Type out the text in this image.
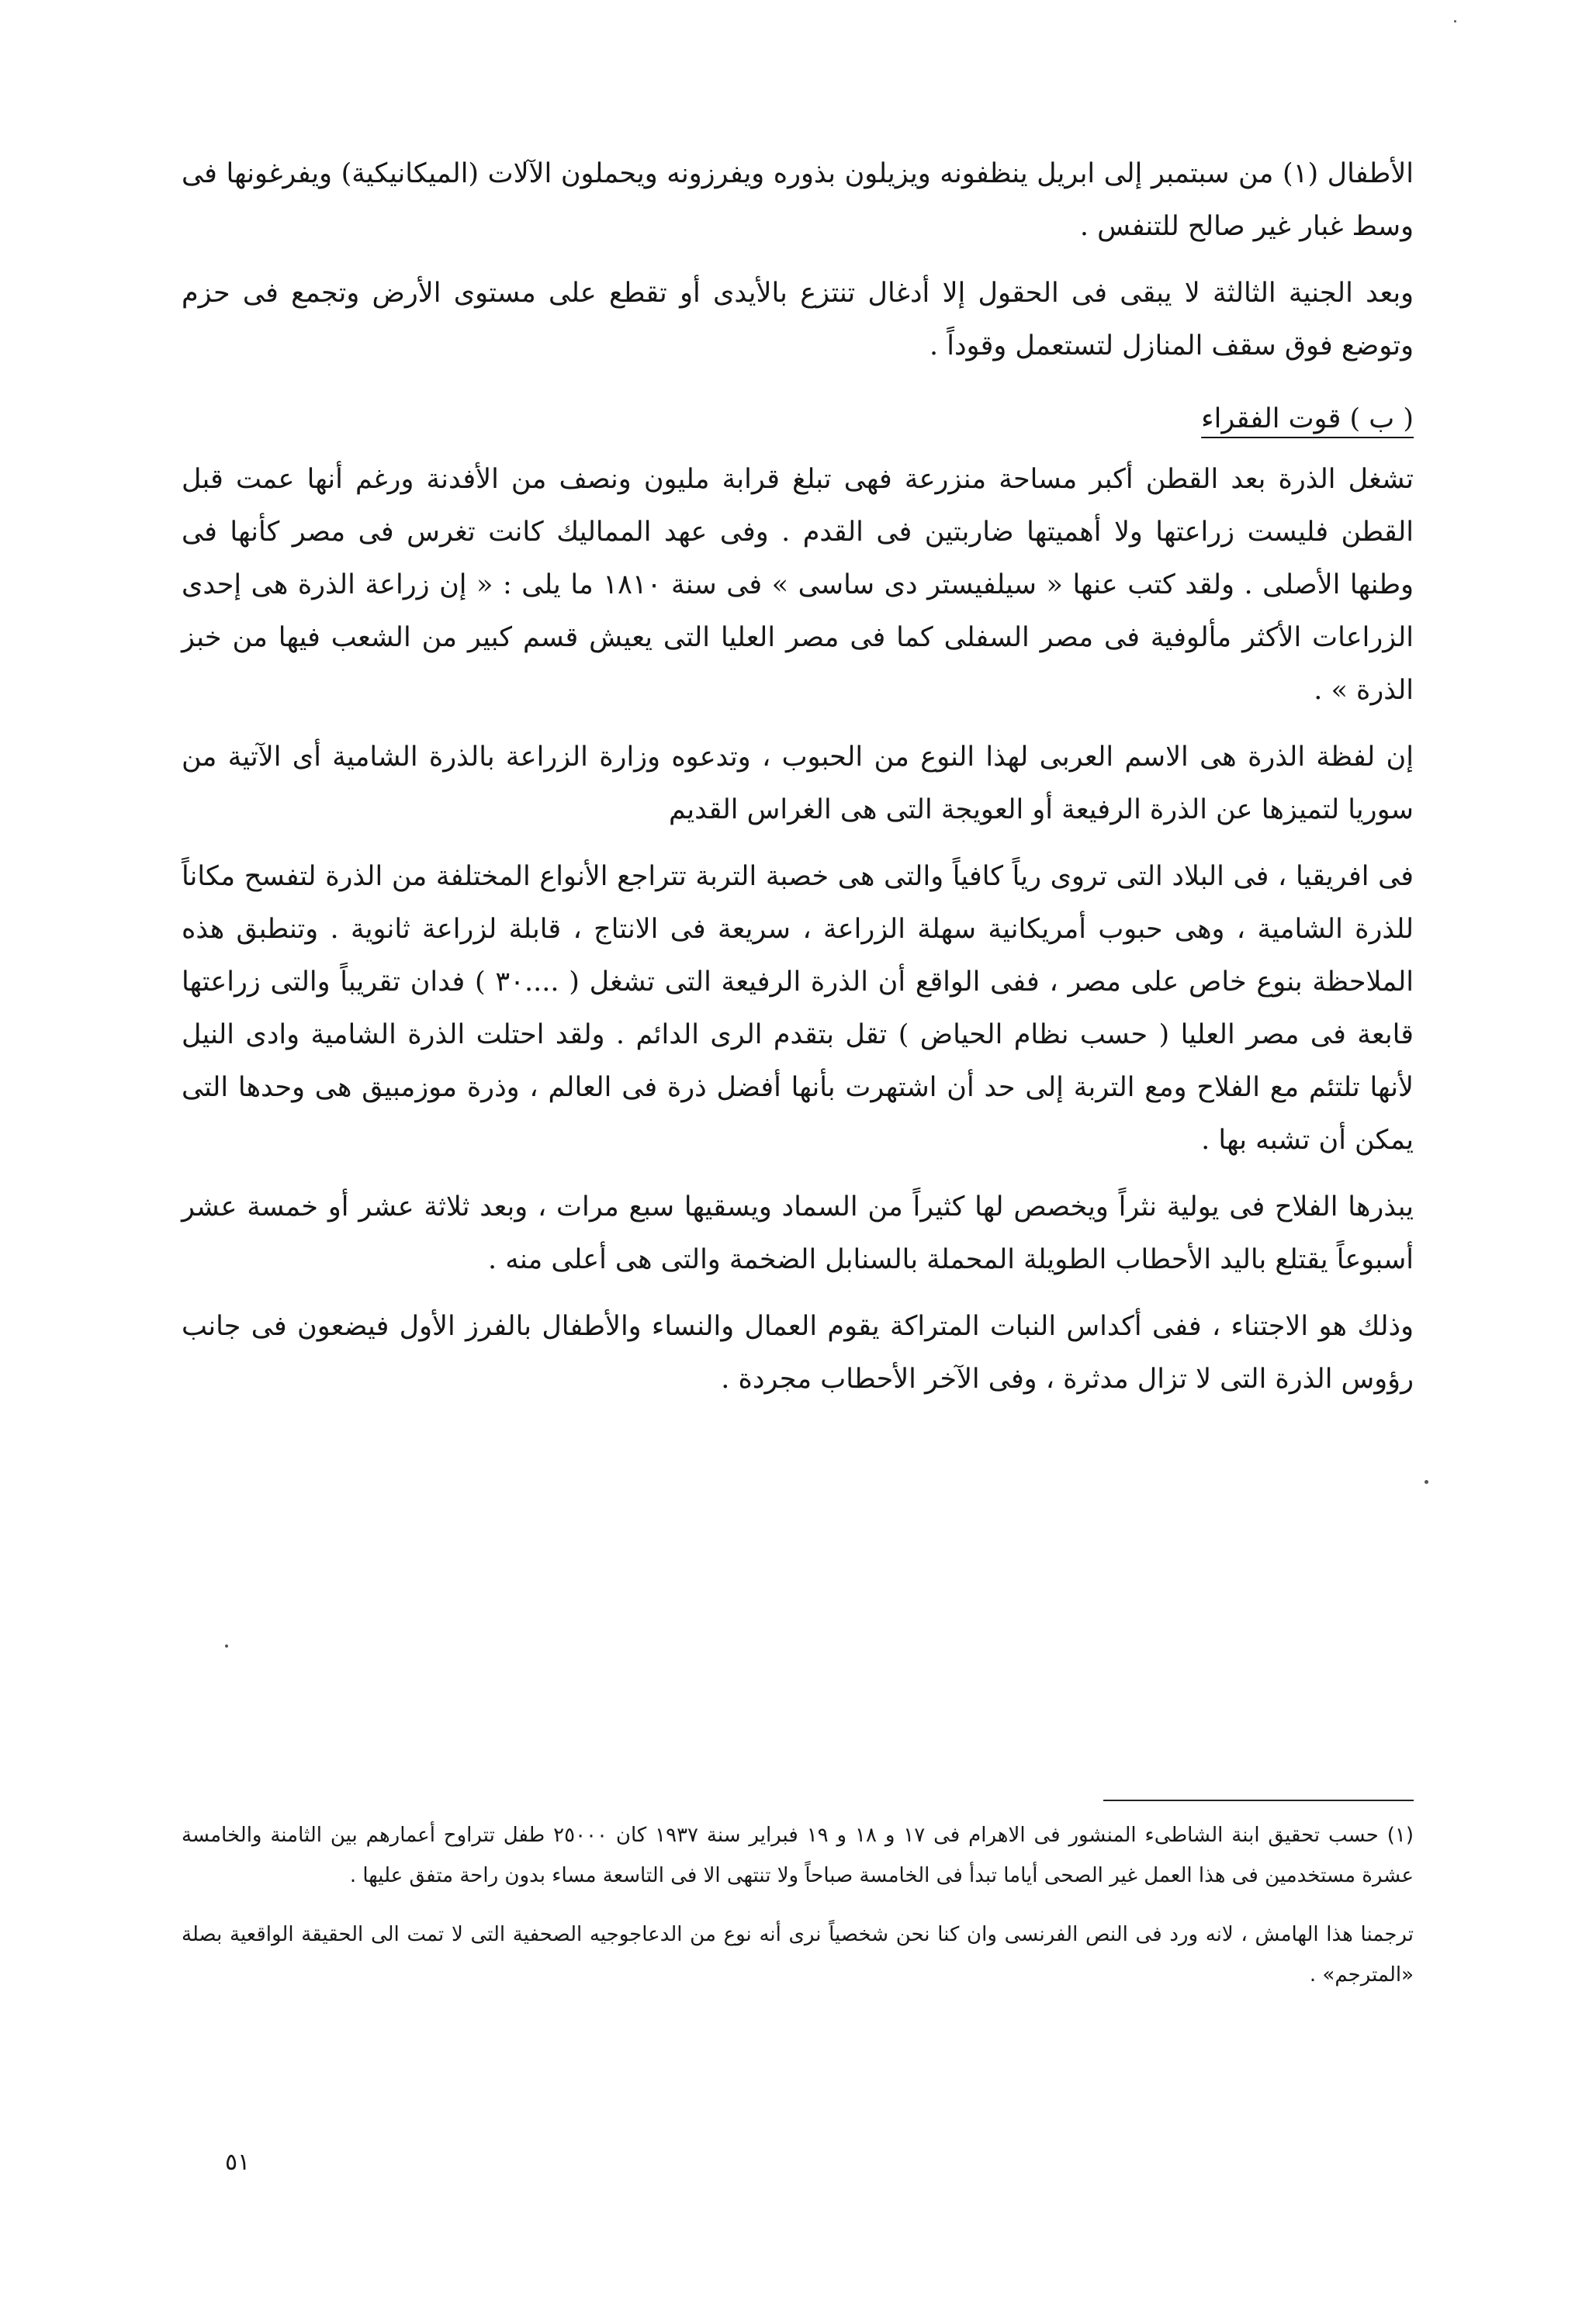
الأطفال (١) من سبتمبر إلى ابريل ينظفونه ويزيلون بذوره ويفرزونه ويحملون الآلات (الميكانيكية) ويفرغونها فى وسط غبار غير صالح للتنفس .

وبعد الجنية الثالثة لا يبقى فى الحقول إلا أدغال تنتزع بالأيدى أو تقطع على مستوى الأرض وتجمع فى حزم وتوضع فوق سقف المنازل لتستعمل وقوداً .

( ب ) قوت الفقراء

تشغل الذرة بعد القطن أكبر مساحة منزرعة فهى تبلغ قرابة مليون ونصف من الأفدنة ورغم أنها عمت قبل القطن فليست زراعتها ولا أهميتها ضاربتين فى القدم . وفى عهد المماليك كانت تغرس فى مصر كأنها فى وطنها الأصلى . ولقد كتب عنها « سيلفيستر دى ساسى » فى سنة ١٨١٠ ما يلى : « إن زراعة الذرة هى إحدى الزراعات الأكثر مألوفية فى مصر السفلى كما فى مصر العليا التى يعيش قسم كبير من الشعب فيها من خبز الذرة » .

إن لفظة الذرة هى الاسم العربى لهذا النوع من الحبوب ، وتدعوه وزارة الزراعة بالذرة الشامية أى الآتية من سوريا لتميزها عن الذرة الرفيعة أو العويجة التى هى الغراس القديم

فى افريقيا ، فى البلاد التى تروى رياً كافياً والتى هى خصبة التربة تتراجع الأنواع المختلفة من الذرة لتفسح مكاناً للذرة الشامية ، وهى حبوب أمريكانية سهلة الزراعة ، سريعة فى الانتاج ، قابلة لزراعة ثانوية . وتنطبق هذه الملاحظة بنوع خاص على مصر ، ففى الواقع أن الذرة الرفيعة التى تشغل ( ....٣٠ ) فدان تقريباً والتى زراعتها قابعة فى مصر العليا ( حسب نظام الحياض ) تقل بتقدم الرى الدائم . ولقد احتلت الذرة الشامية وادى النيل لأنها تلتئم مع الفلاح ومع التربة إلى حد أن اشتهرت بأنها أفضل ذرة فى العالم ، وذرة موزمبيق هى وحدها التى يمكن أن تشبه بها .

يبذرها الفلاح فى يولية نثراً ويخصص لها كثيراً من السماد ويسقيها سبع مرات ، وبعد ثلاثة عشر أو خمسة عشر أسبوعاً يقتلع باليد الأحطاب الطويلة المحملة بالسنابل الضخمة والتى هى أعلى منه .

وذلك هو الاجتناء ، ففى أكداس النبات المتراكة يقوم العمال والنساء والأطفال بالفرز الأول فيضعون فى جانب رؤوس الذرة التى لا تزال مدثرة ، وفى الآخر الأحطاب مجردة .

(١) حسب تحقيق ابنة الشاطىء المنشور فى الاهرام فى ١٧ و ١٨ و ١٩ فبراير سنة ١٩٣٧ كان ٢٥٠٠٠ طفل تتراوح أعمارهم بين الثامنة والخامسة عشرة مستخدمين فى هذا العمل غير الصحى أياما تبدأ فى الخامسة صباحاً ولا تنتهى الا فى التاسعة مساء بدون راحة متفق عليها .

ترجمنا هذا الهامش ، لانه ورد فى النص الفرنسى وان كنا نحن شخصياً نرى أنه نوع من الدعاجوجيه الصحفية التى لا تمت الى الحقيقة الواقعية بصلة «المترجم» .

٥١
